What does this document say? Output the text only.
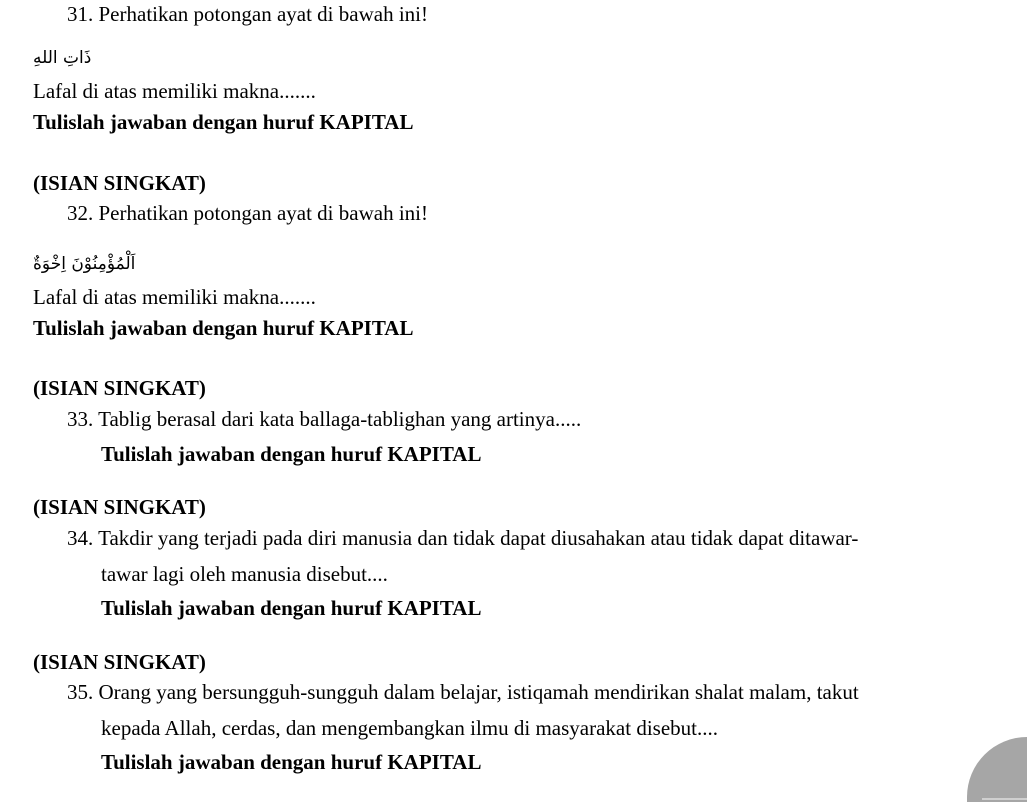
31. Perhatikan potongan ayat di bawah ini!

ذَاتِ اللهِ

Lafal di atas memiliki makna.......

Tulislah jawaban dengan huruf KAPITAL

(ISIAN SINGKAT)

32. Perhatikan potongan ayat di bawah ini!

اَلْمُؤْمِنُوْنَ اِخْوَةٌ

Lafal di atas memiliki makna.......

Tulislah jawaban dengan huruf KAPITAL

(ISIAN SINGKAT)

33. Tablig berasal dari kata ballaga-tablighan yang artinya.....

Tulislah jawaban dengan huruf KAPITAL

(ISIAN SINGKAT)

34. Takdir yang terjadi pada diri manusia dan tidak dapat diusahakan atau tidak dapat ditawar-

tawar lagi oleh manusia disebut....

Tulislah jawaban dengan huruf KAPITAL

(ISIAN SINGKAT)

35. Orang yang bersungguh-sungguh dalam belajar, istiqamah mendirikan shalat malam, takut

kepada Allah, cerdas, dan mengembangkan ilmu di masyarakat disebut....

Tulislah jawaban dengan huruf KAPITAL
